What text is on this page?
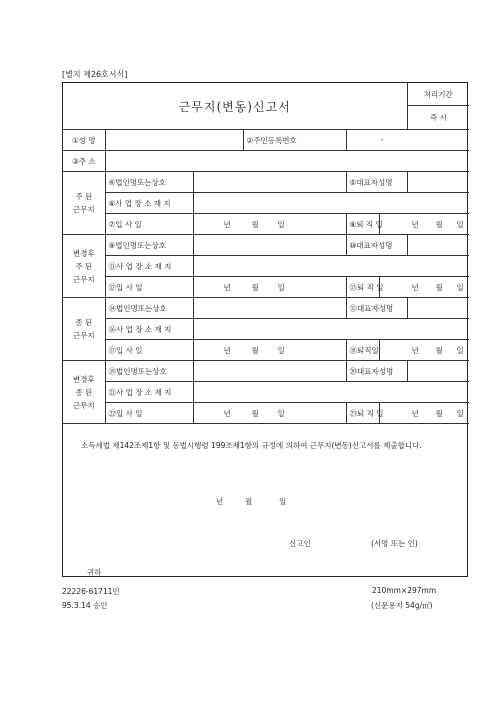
[별지 제26호서식]
근무지(변동)신고서						처리기간
						즉 시
①성 명			②주민등록번호	-		

③주 소						

주 된
근무지	④법인명또는상호			⑤대표자성명		
	⑥사 업 장 소 재 지					
	⑦입 사 일	년 월 일		⑧퇴 직 일	년 월 일	

변경후
주 된
근무지	⑨법인명또는상호			⑩대표자성명		
	⑪사 업 장 소 재 지					
	⑫입 사 일	년 월 일		⑬퇴 직 일	년 월 일	

종 된
근무지	⑭법인명또는상호			⑮대표자성명		
	⑯사 업 장 소 재 지					
	⑰입 사 일	년 월 일		⑱퇴직일	년 월 일	

변경후
종 된
근무지	⑲법인명또는상호			⑳대표자성명		
	㉑사 업 장 소 재 지					
	㉒입 사 일	년 월 일		㉓퇴 직 일	년 월 일	
소득세법 제142조제1항 및 동법시행령 199조제1항의 규정에 의하여 근무지(변동)신고서를 제출합니다.
년	월	일
신고인	(서명 또는 인)
귀하
22226-61711민
95.3.14 승인
210mm×297mm
(신문용지 54g/㎡)
